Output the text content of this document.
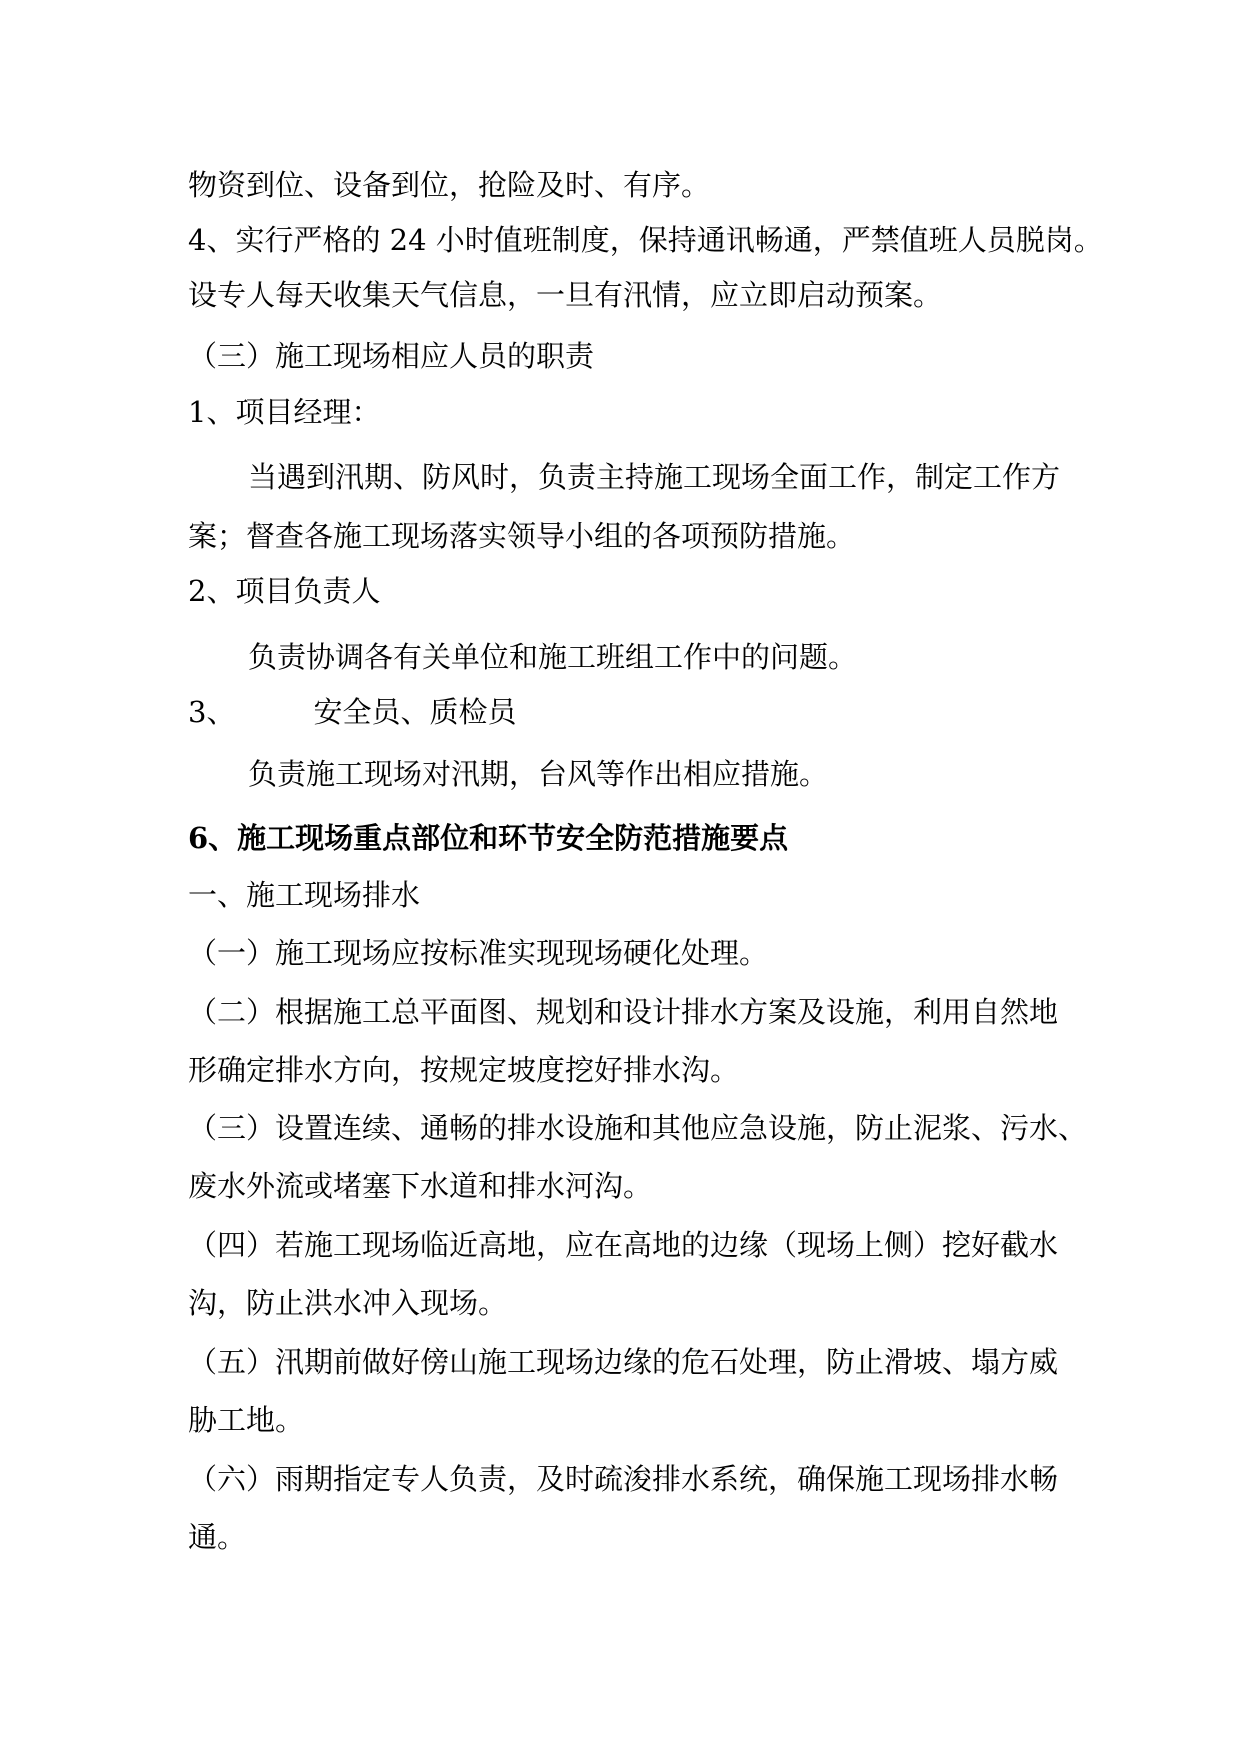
物资到位、设备到位，抢险及时、有序。

4、实行严格的 24 小时值班制度，保持通讯畅通，严禁值班人员脱岗。

设专人每天收集天气信息，一旦有汛情，应立即启动预案。

（三）施工现场相应人员的职责

1、项目经理：

当遇到汛期、防风时，负责主持施工现场全面工作，制定工作方

案；督查各施工现场落实领导小组的各项预防措施。

2、项目负责人

负责协调各有关单位和施工班组工作中的问题。

3、	安全员、质检员

负责施工现场对汛期，台风等作出相应措施。

6、施工现场重点部位和环节安全防范措施要点

一、施工现场排水

（一）施工现场应按标准实现现场硬化处理。

（二）根据施工总平面图、规划和设计排水方案及设施，利用自然地

形确定排水方向，按规定坡度挖好排水沟。

（三）设置连续、通畅的排水设施和其他应急设施，防止泥浆、污水、

废水外流或堵塞下水道和排水河沟。

（四）若施工现场临近高地，应在高地的边缘（现场上侧）挖好截水

沟，防止洪水冲入现场。

（五）汛期前做好傍山施工现场边缘的危石处理，防止滑坡、塌方威

胁工地。

（六）雨期指定专人负责，及时疏浚排水系统，确保施工现场排水畅

通。
